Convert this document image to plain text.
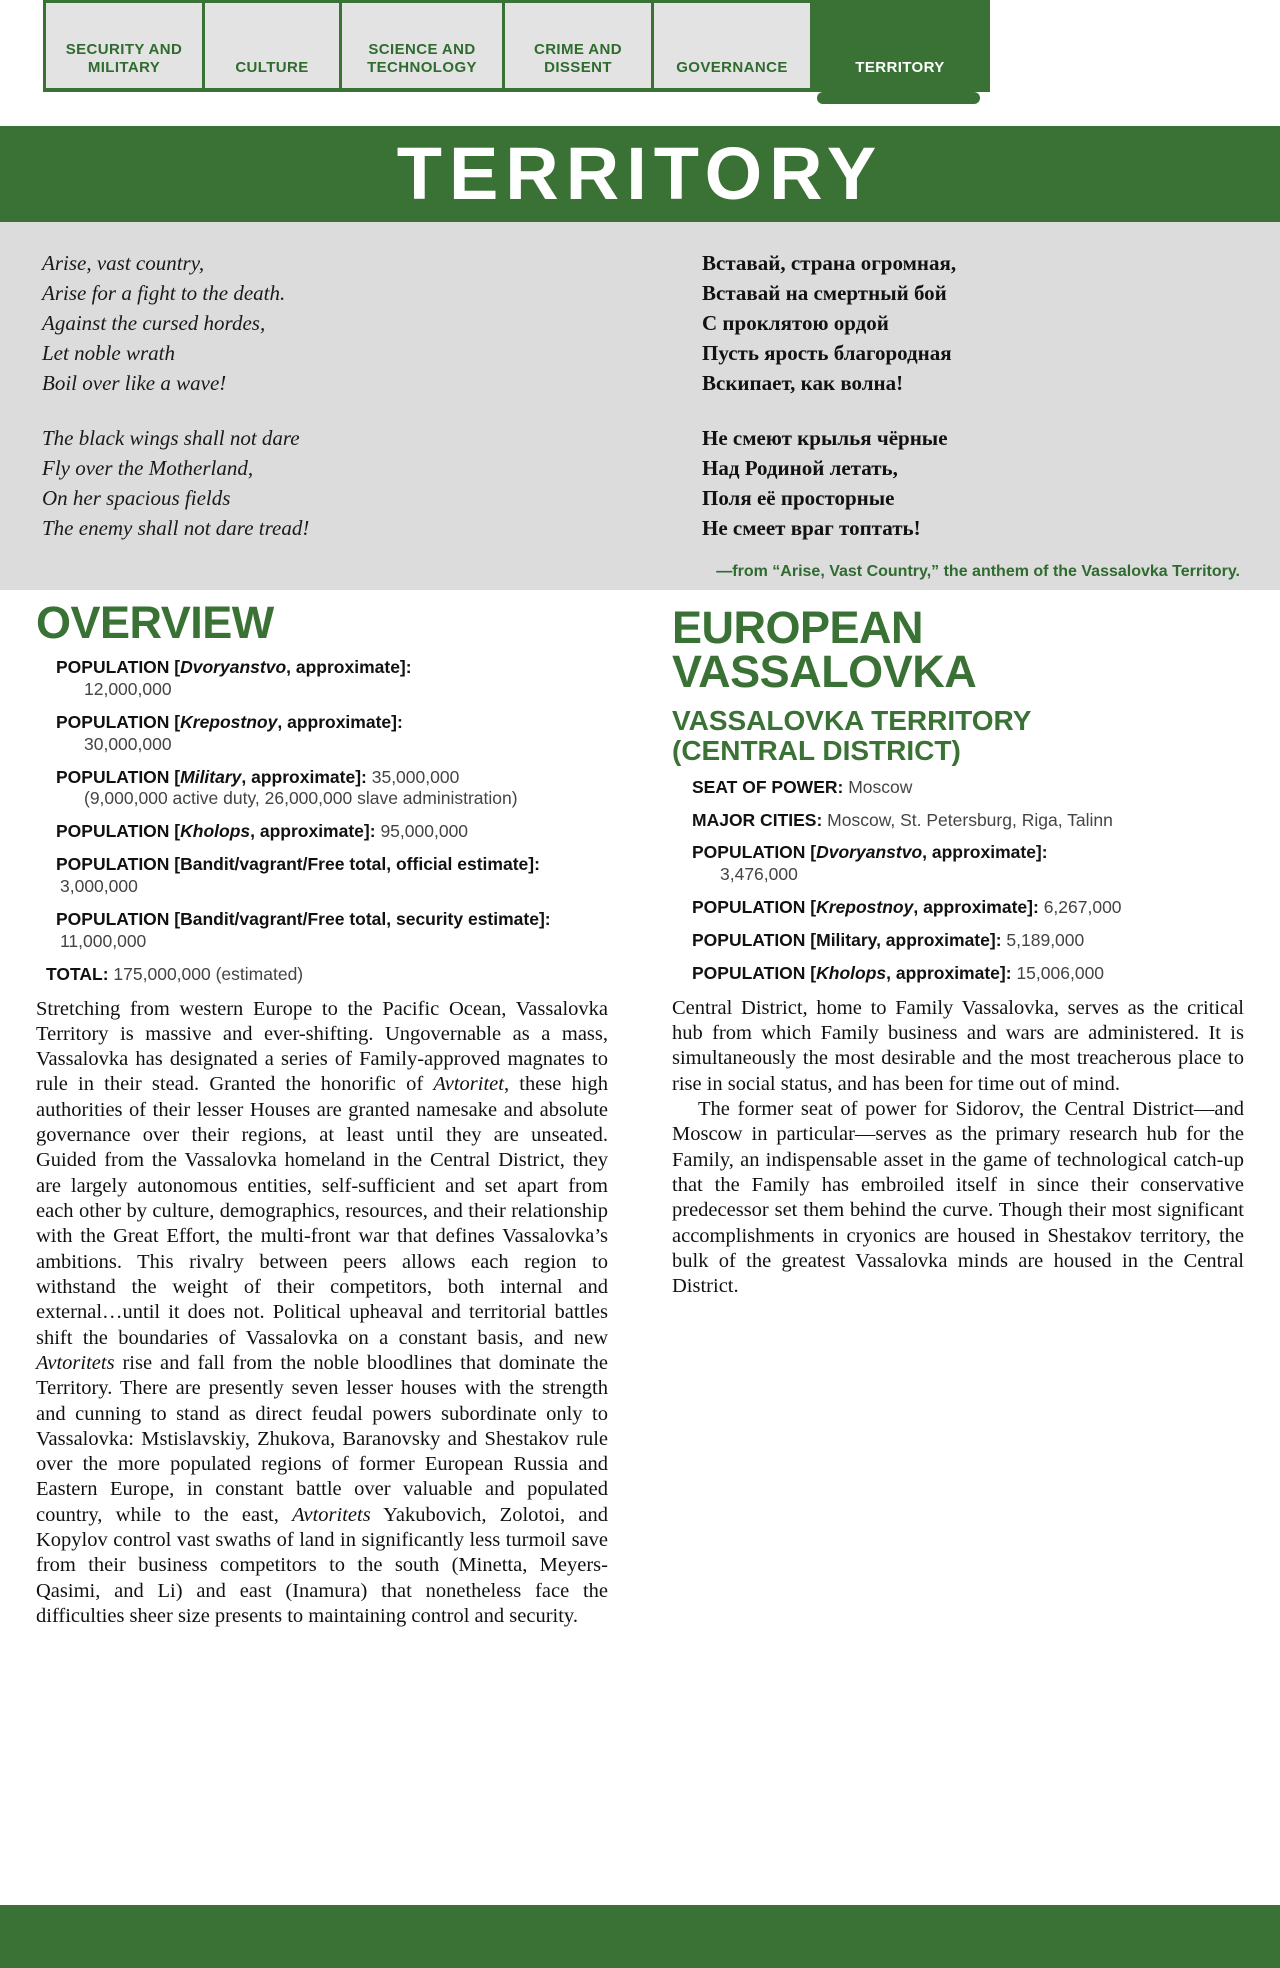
SECURITY AND MILITARY	CULTURE
SCIENCE AND TECHNOLOGY
CRIME AND DISSENT	GOVERNANCE	TERRITORY
TERRITORY
Arise, vast country,
Arise for a fight to the death.
Against the cursed hordes,
Let noble wrath
Boil over like a wave!
The black wings shall not dare
Fly over the Motherland,
On her spacious fields
The enemy shall not dare tread!
Вставай, страна огромная,
Вставай на смертный бой
С проклятою ордой
Пусть ярость благородная
Вскипает, как волна!
Не смеют крылья чёрные
Над Родиной летать,
Поля её просторные
Не смеет враг топтать!
—from “Arise, Vast Country,” the anthem of the Vassalovka Territory.
OVERVIEW
POPULATION [Dvoryanstvo, approximate]:
12,000,000
POPULATION [Krepostnoy, approximate]:
30,000,000
POPULATION [Military, approximate]: 35,000,000
(9,000,000 active duty, 26,000,000 slave administration)
POPULATION [Kholops, approximate]: 95,000,000
POPULATION [Bandit/vagrant/Free total, official estimate]: 3,000,000
POPULATION [Bandit/vagrant/Free total, security estimate]: 11,000,000
TOTAL: 175,000,000 (estimated)

Stretching from western Europe to the Pacific Ocean, Vassalovka Territory is massive and ever-shifting. Ungovernable as a mass, Vassalovka has designated a series of Family-approved magnates to rule in their stead. Granted the honorific of Avtoritet, these high authorities of their lesser Houses are granted namesake and absolute governance over their regions, at least until they are unseated. Guided from the Vassalovka homeland in the Central District, they are largely autonomous entities, self-sufficient and set apart from each other by culture, demographics, resources, and their relationship with the Great Effort, the multi-front war that defines Vassalovka’s ambitions. This rivalry between peers allows each region to withstand the weight of their competitors, both internal and external…until it does not. Political upheaval and territorial battles shift the boundaries of Vassalovka on a constant basis, and new Avtoritets rise and fall from the noble bloodlines that dominate the Territory. There are presently seven lesser houses with the strength and cunning to stand as direct feudal powers subordinate only to Vassalovka: Mstislavskiy, Zhukova, Baranovsky and Shestakov rule over the more populated regions of former European Russia and Eastern Europe, in constant battle over valuable and populated country, while to the east, Avtoritets Yakubovich, Zolotoi, and Kopylov control vast swaths of land in significantly less turmoil save from their business competitors to the south (Minetta, Meyers-Qasimi, and Li) and east (Inamura) that nonetheless face the difficulties sheer size presents to maintaining control and security.

EUROPEAN
VASSALOVKA
VASSALOVKA TERRITORY
(CENTRAL DISTRICT)
SEAT OF POWER: Moscow
MAJOR CITIES: Moscow, St. Petersburg, Riga, Talinn
POPULATION [Dvoryanstvo, approximate]:
3,476,000
POPULATION [Krepostnoy, approximate]: 6,267,000
POPULATION [Military, approximate]: 5,189,000
POPULATION [Kholops, approximate]: 15,006,000

Central District, home to Family Vassalovka, serves as the critical hub from which Family business and wars are administered. It is simultaneously the most desirable and the most treacherous place to rise in social status, and has been for time out of mind.

The former seat of power for Sidorov, the Central District—and Moscow in particular—serves as the primary research hub for the Family, an indispensable asset in the game of technological catch-up that the Family has embroiled itself in since their conservative predecessor set them behind the curve. Though their most significant accomplishments in cryonics are housed in Shestakov territory, the bulk of the greatest Vassalovka minds are housed in the Central District.
